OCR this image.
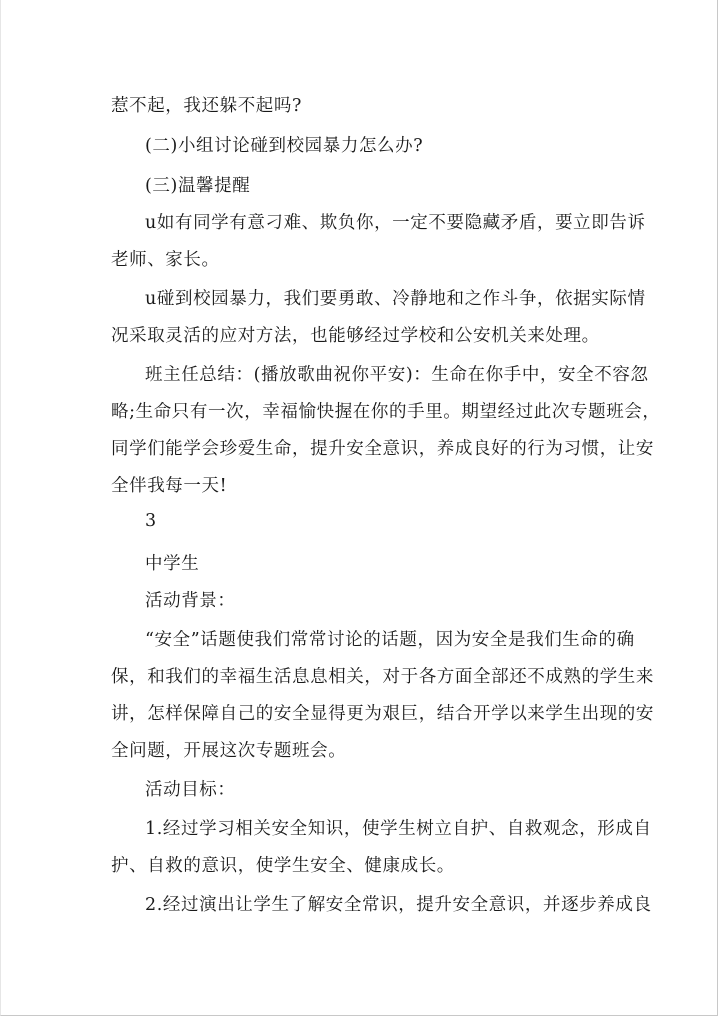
惹不起，我还躲不起吗?
(二)小组讨论碰到校园暴力怎么办?
(三)温馨提醒
u如有同学有意刁难、欺负你，一定不要隐藏矛盾，要立即告诉
老师、家长。
u碰到校园暴力，我们要勇敢、冷静地和之作斗争，依据实际情
况采取灵活的应对方法，也能够经过学校和公安机关来处理。
班主任总结：(播放歌曲祝你平安)：生命在你手中，安全不容忽
略;生命只有一次，幸福愉快握在你的手里。期望经过此次专题班会，
同学们能学会珍爱生命，提升安全意识，养成良好的行为习惯，让安
全伴我每一天!
3
中学生
活动背景：
“安全”话题使我们常常讨论的话题，因为安全是我们生命的确
保，和我们的幸福生活息息相关，对于各方面全部还不成熟的学生来
讲，怎样保障自己的安全显得更为艰巨，结合开学以来学生出现的安
全问题，开展这次专题班会。
活动目标：
1.经过学习相关安全知识，使学生树立自护、自救观念，形成自
护、自救的意识，使学生安全、健康成长。
2.经过演出让学生了解安全常识，提升安全意识，并逐步养成良
